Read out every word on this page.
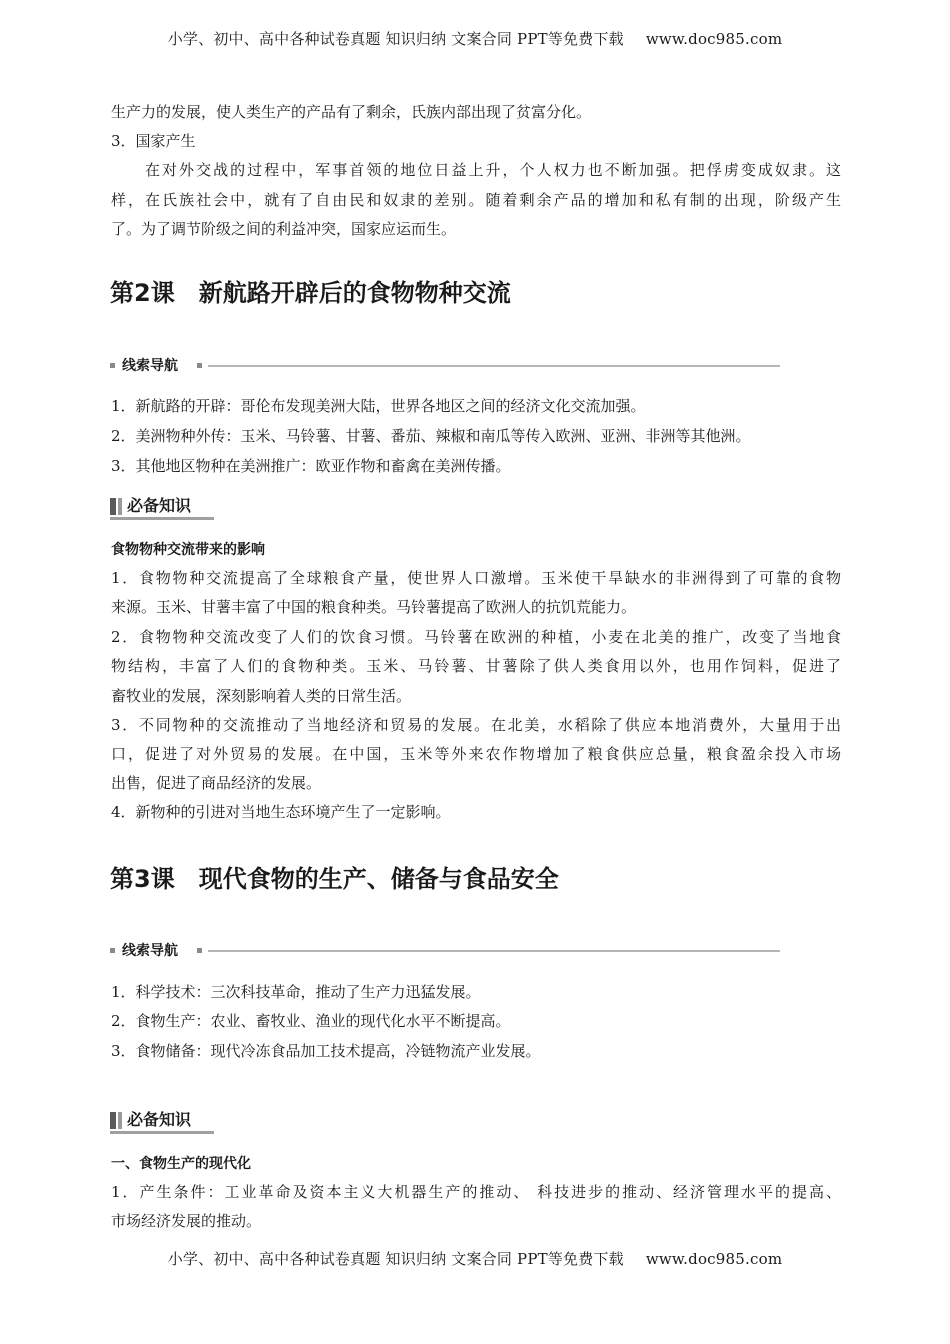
小学、初中、高中各种试卷真题 知识归纳 文案合同 PPT等免费下载 www.doc985.com
生产力的发展，使人类生产的产品有了剩余，氏族内部出现了贫富分化。
3．国家产生
在对外交战的过程中，军事首领的地位日益上升，个人权力也不断加强。把俘虏变成奴隶。这
样，在氏族社会中，就有了自由民和奴隶的差别。随着剩余产品的增加和私有制的出现，阶级产生
了。为了调节阶级之间的利益冲突，国家应运而生。
第2课 新航路开辟后的食物物种交流
线索导航
1．新航路的开辟：哥伦布发现美洲大陆，世界各地区之间的经济文化交流加强。
2．美洲物种外传：玉米、马铃薯、甘薯、番茄、辣椒和南瓜等传入欧洲、亚洲、非洲等其他洲。
3．其他地区物种在美洲推广：欧亚作物和畜禽在美洲传播。
必备知识
食物物种交流带来的影响
1．食物物种交流提高了全球粮食产量，使世界人口激增。玉米使干旱缺水的非洲得到了可靠的食物
来源。玉米、甘薯丰富了中国的粮食种类。马铃薯提高了欧洲人的抗饥荒能力。
2．食物物种交流改变了人们的饮食习惯。马铃薯在欧洲的种植，小麦在北美的推广，改变了当地食
物结构，丰富了人们的食物种类。玉米、马铃薯、甘薯除了供人类食用以外，也用作饲料，促进了
畜牧业的发展，深刻影响着人类的日常生活。
3．不同物种的交流推动了当地经济和贸易的发展。在北美，水稻除了供应本地消费外，大量用于出
口，促进了对外贸易的发展。在中国，玉米等外来农作物增加了粮食供应总量，粮食盈余投入市场
出售，促进了商品经济的发展。
4．新物种的引进对当地生态环境产生了一定影响。
第3课 现代食物的生产、储备与食品安全
线索导航
1．科学技术：三次科技革命，推动了生产力迅猛发展。
2．食物生产：农业、畜牧业、渔业的现代化水平不断提高。
3．食物储备：现代冷冻食品加工技术提高，冷链物流产业发展。
必备知识
一、食物生产的现代化
1．产生条件：工业革命及资本主义大机器生产的推动、 科技进步的推动、经济管理水平的提高、
市场经济发展的推动。
小学、初中、高中各种试卷真题 知识归纳 文案合同 PPT等免费下载 www.doc985.com
